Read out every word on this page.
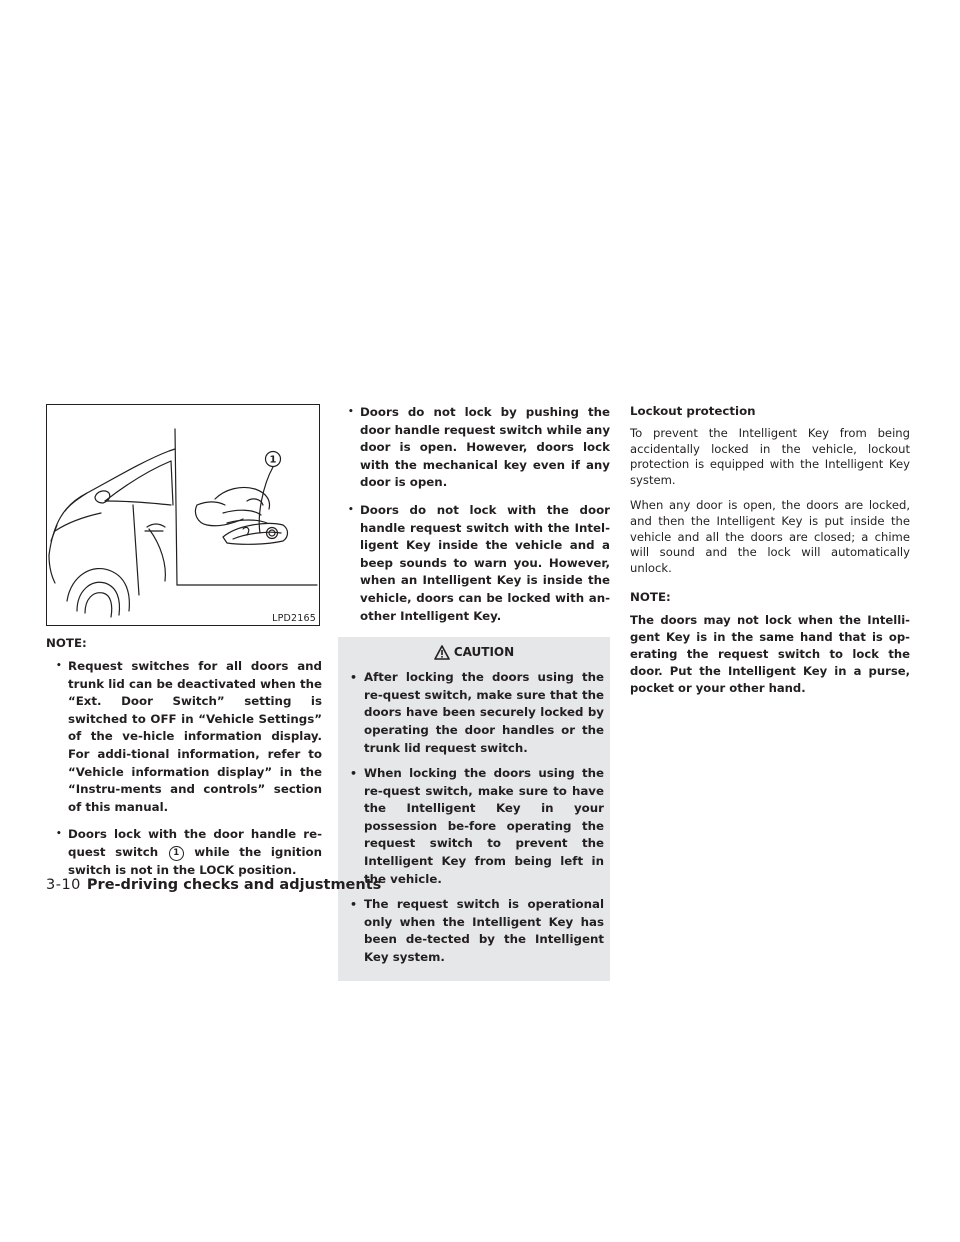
1
LPD2165
NOTE:
• Request switches for all doors and trunk lid can be deactivated when the “Ext. Door Switch” setting is switched to OFF in “Vehicle Settings” of the ve-hicle information display. For addi-tional information, refer to “Vehicle information display” in the “Instru-ments and controls” section of this manual.
• Doors lock with the door handle re-quest switch 1 while the ignition switch is not in the LOCK position.
• Doors do not lock by pushing the door handle request switch while any door is open. However, doors lock with the mechanical key even if any door is open.
• Doors do not lock with the door handle request switch with the Intel-ligent Key inside the vehicle and a beep sounds to warn you. However, when an Intelligent Key is inside the vehicle, doors can be locked with an-other Intelligent Key.
CAUTION
• After locking the doors using the re-quest switch, make sure that the doors have been securely locked by operating the door handles or the trunk lid request switch.
• When locking the doors using the re-quest switch, make sure to have the Intelligent Key in your possession be-fore operating the request switch to prevent the Intelligent Key from being left in the vehicle.
• The request switch is operational only when the Intelligent Key has been de-tected by the Intelligent Key system.
Lockout protection

To prevent the Intelligent Key from being accidentally locked in the vehicle, lockout protection is equipped with the Intelligent Key system.

When any door is open, the doors are locked, and then the Intelligent Key is put inside the vehicle and all the doors are closed; a chime will sound and the lock will automatically unlock.

NOTE:

The doors may not lock when the Intelli-gent Key is in the same hand that is op-erating the request switch to lock the door. Put the Intelligent Key in a purse, pocket or your other hand.

3-10 Pre-driving checks and adjustments
